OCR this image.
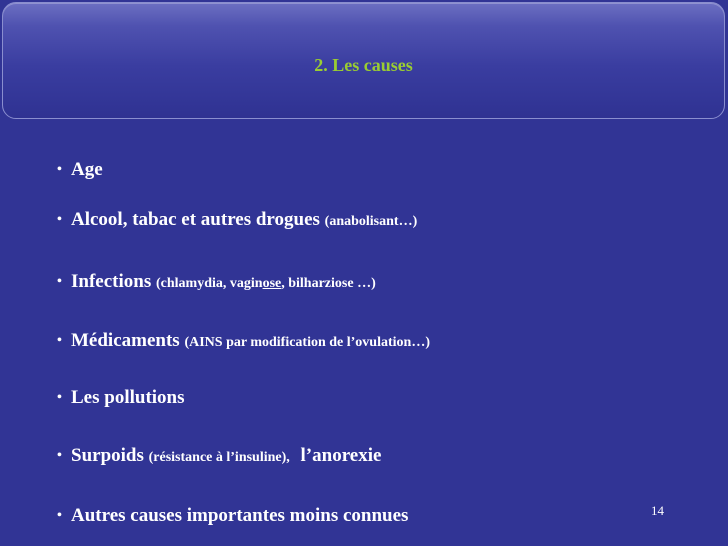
2. Les causes
• Age
• Alcool, tabac et autres drogues (anabolisant…)
• Infections (chlamydia, vaginose, bilharziose …)
• Médicaments (AINS par modification de l’ovulation…)
• Les pollutions
• Surpoids (résistance à l’insuline), l’anorexie
• Autres causes importantes moins connues	14
